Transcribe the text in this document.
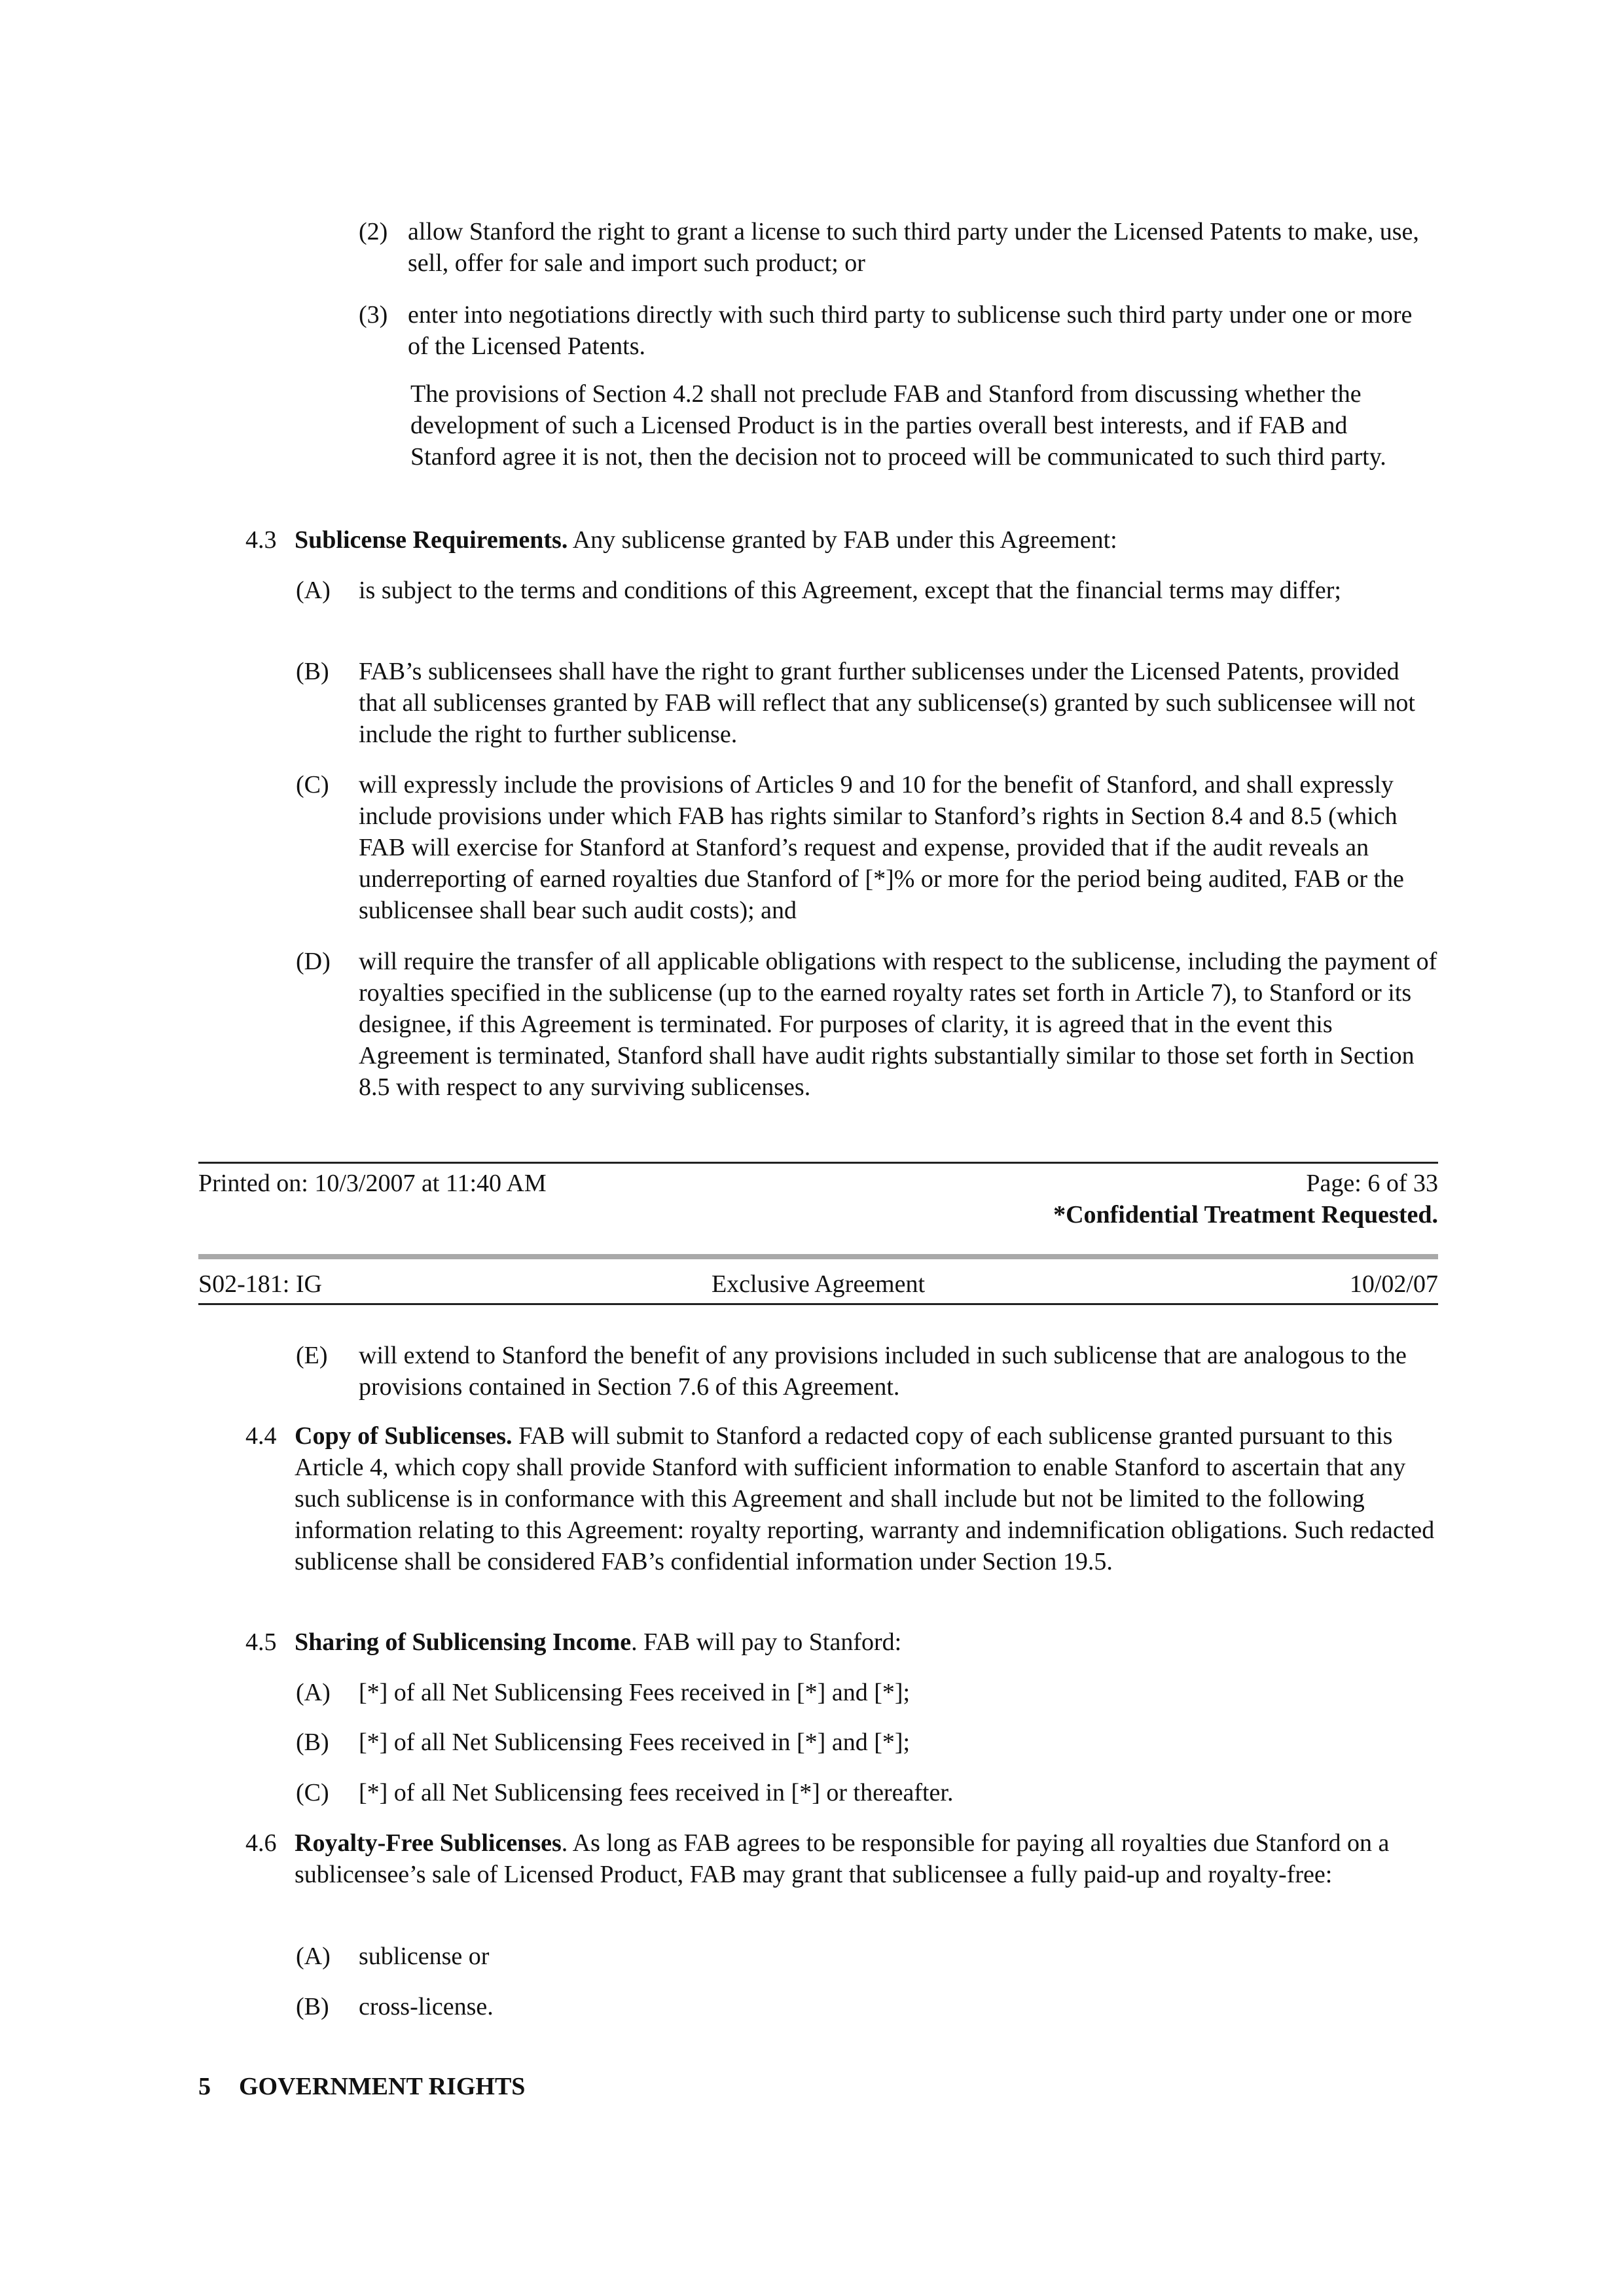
(2) allow Stanford the right to grant a license to such third party under the Licensed Patents to make, use, sell, offer for sale and import such product; or
(3) enter into negotiations directly with such third party to sublicense such third party under one or more of the Licensed Patents.
The provisions of Section 4.2 shall not preclude FAB and Stanford from discussing whether the development of such a Licensed Product is in the parties overall best interests, and if FAB and Stanford agree it is not, then the decision not to proceed will be communicated to such third party.
4.3 Sublicense Requirements. Any sublicense granted by FAB under this Agreement:
(A) is subject to the terms and conditions of this Agreement, except that the financial terms may differ;
(B) FAB’s sublicensees shall have the right to grant further sublicenses under the Licensed Patents, provided that all sublicenses granted by FAB will reflect that any sublicense(s) granted by such sublicensee will not include the right to further sublicense.
(C) will expressly include the provisions of Articles 9 and 10 for the benefit of Stanford, and shall expressly include provisions under which FAB has rights similar to Stanford’s rights in Section 8.4 and 8.5 (which FAB will exercise for Stanford at Stanford’s request and expense, provided that if the audit reveals an underreporting of earned royalties due Stanford of [*]% or more for the period being audited, FAB or the sublicensee shall bear such audit costs); and
(D) will require the transfer of all applicable obligations with respect to the sublicense, including the payment of royalties specified in the sublicense (up to the earned royalty rates set forth in Article 7), to Stanford or its designee, if this Agreement is terminated. For purposes of clarity, it is agreed that in the event this Agreement is terminated, Stanford shall have audit rights substantially similar to those set forth in Section 8.5 with respect to any surviving sublicenses.
Printed on: 10/3/2007 at 11:40 AM	Page: 6 of 33
*Confidential Treatment Requested.
S02-181: IG	Exclusive Agreement	10/02/07
(E) will extend to Stanford the benefit of any provisions included in such sublicense that are analogous to the provisions contained in Section 7.6 of this Agreement.
4.4 Copy of Sublicenses. FAB will submit to Stanford a redacted copy of each sublicense granted pursuant to this Article 4, which copy shall provide Stanford with sufficient information to enable Stanford to ascertain that any such sublicense is in conformance with this Agreement and shall include but not be limited to the following information relating to this Agreement: royalty reporting, warranty and indemnification obligations. Such redacted sublicense shall be considered FAB’s confidential information under Section 19.5.
4.5 Sharing of Sublicensing Income. FAB will pay to Stanford:
(A) [*] of all Net Sublicensing Fees received in [*] and [*];
(B) [*] of all Net Sublicensing Fees received in [*] and [*];
(C) [*] of all Net Sublicensing fees received in [*] or thereafter.
4.6 Royalty-Free Sublicenses. As long as FAB agrees to be responsible for paying all royalties due Stanford on a sublicensee’s sale of Licensed Product, FAB may grant that sublicensee a fully paid-up and royalty-free:
(A) sublicense or
(B) cross-license.
5 GOVERNMENT RIGHTS
